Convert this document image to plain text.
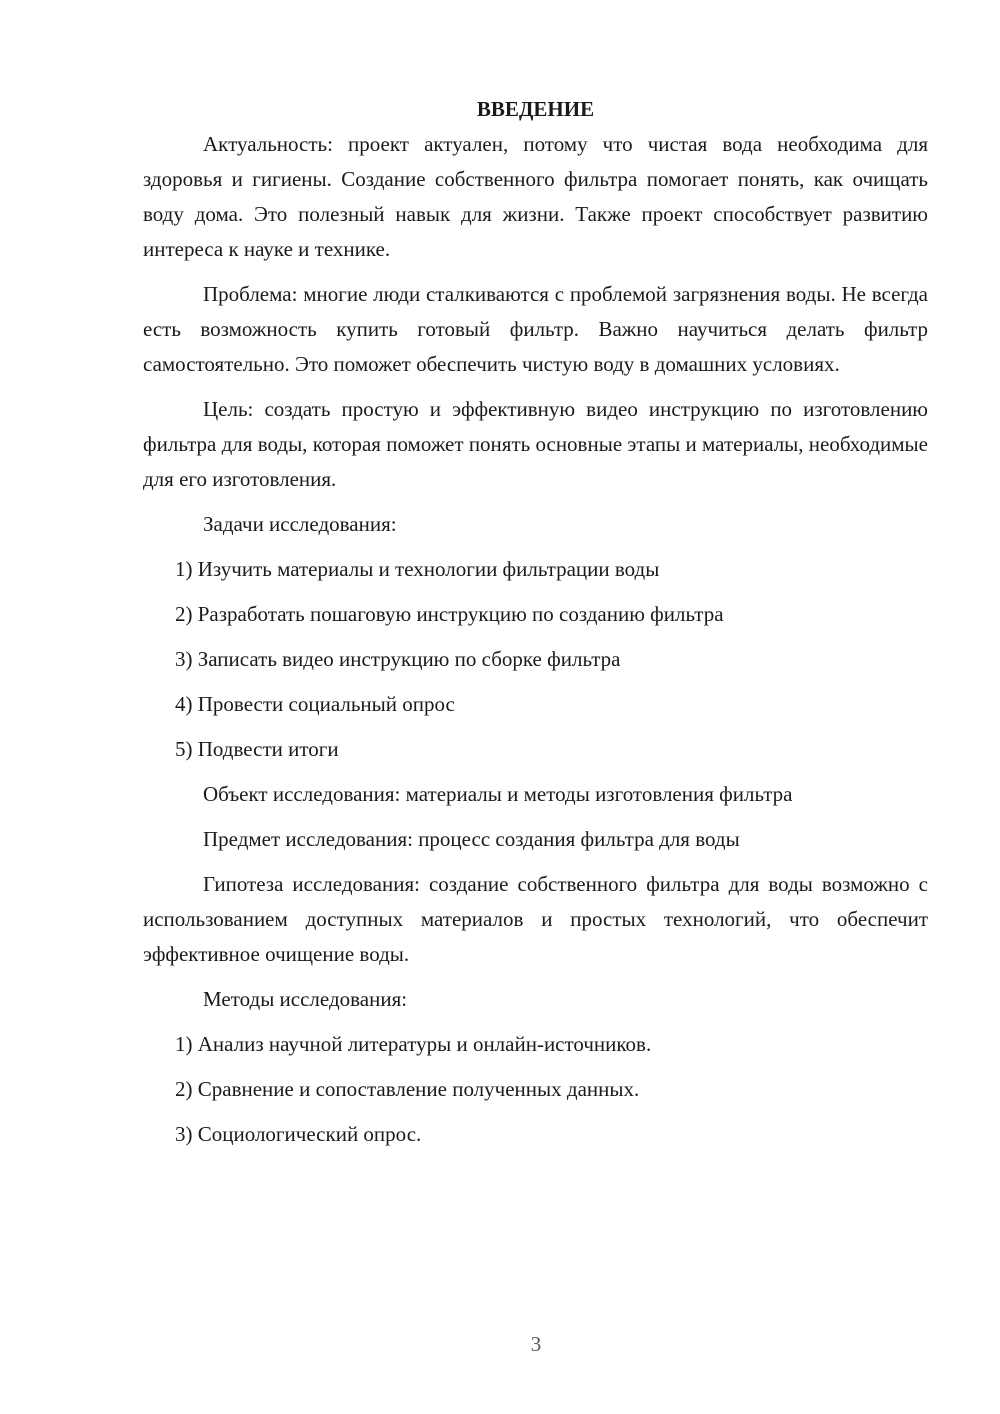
ВВЕДЕНИЕ

Актуальность: проект актуален, потому что чистая вода необходима для здоровья и гигиены. Создание собственного фильтра помогает понять, как очищать воду дома. Это полезный навык для жизни. Также проект способствует развитию интереса к науке и технике.

Проблема: многие люди сталкиваются с проблемой загрязнения воды. Не всегда есть возможность купить готовый фильтр. Важно научиться делать фильтр самостоятельно. Это поможет обеспечить чистую воду в домашних условиях.

Цель: создать простую и эффективную видео инструкцию по изготовлению фильтра для воды, которая поможет понять основные этапы и материалы, необходимые для его изготовления.

Задачи исследования:
1) Изучить материалы и технологии фильтрации воды
2) Разработать пошаговую инструкцию по созданию фильтра
3) Записать видео инструкцию по сборке фильтра
4) Провести социальный опрос
5) Подвести итоги
Объект исследования: материалы и методы изготовления фильтра
Предмет исследования: процесс создания фильтра для воды

Гипотеза исследования: создание собственного фильтра для воды возможно с использованием доступных материалов и простых технологий, что обеспечит эффективное очищение воды.

Методы исследования:
1) Анализ научной литературы и онлайн-источников.
2) Сравнение и сопоставление полученных данных.
3) Социологический опрос.
3
